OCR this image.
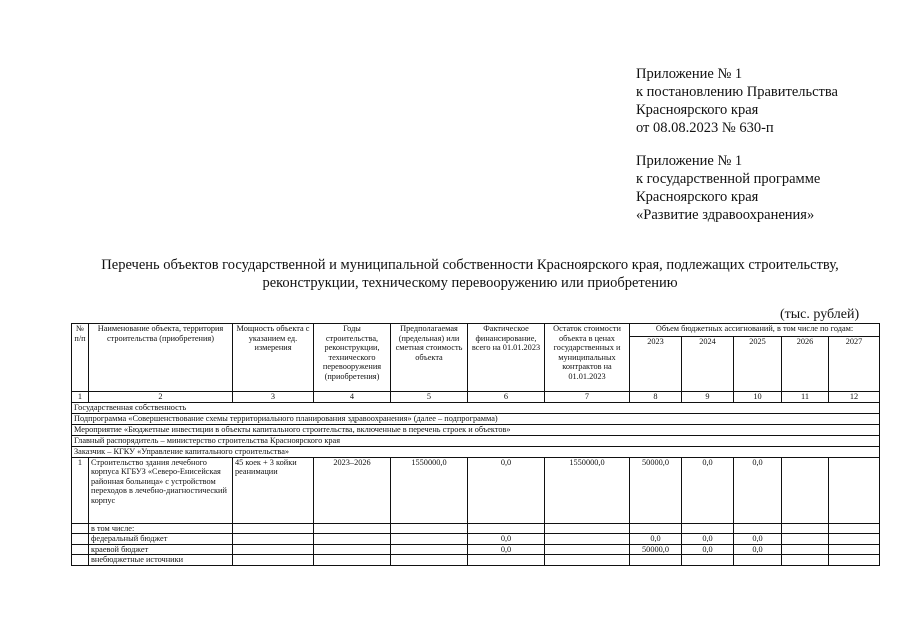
Приложение № 1
к постановлению Правительства
Красноярского края
от 08.08.2023 № 630-п
Приложение № 1
к государственной программе
Красноярского края
«Развитие здравоохранения»
Перечень объектов государственной и муниципальной собственности Красноярского края, подлежащих строительству,
реконструкции, техническому перевооружению или приобретению
(тыс. рублей)
№ п/п	Наименование объекта, территория строительства (приобретения)	Мощность объекта с указанием ед. измерения	Годы строительства, реконструкции, технического перевооружения (приобретения)	Предполагаемая (предельная) или сметная стоимость объекта	Фактическое финансирование, всего на 01.01.2023	Остаток стоимости объекта в ценах государственных и муниципальных контрактов на 01.01.2023	Объем бюджетных ассигнований, в том числе по годам:				
							2023	2024	2025	2026	2027
1	2	3	4	5	6	7	8	9	10	11	12
Государственная собственность											
Подпрограмма «Совершенствование схемы территориального планирования здравоохранения» (далее – подпрограмма)											
Мероприятие «Бюджетные инвестиции в объекты капитального строительства, включенные в перечень строек и объектов»											
Главный распорядитель – министерство строительства Красноярского края											
Заказчик – КГКУ «Управление капитального строительства»											
1	Строительство здания лечебного корпуса КГБУЗ «Северо-Енисейская районная больница» с устройством переходов в лечебно-диагностический корпус	45 коек + 3 койки реанимации	2023–2026	1550000,0	0,0	1550000,0	50000,0	0,0	0,0		
	в том числе:										
	федеральный бюджет				0,0		0,0	0,0	0,0		
	краевой бюджет				0,0		50000,0	0,0	0,0		
	внебюджетные источники										
